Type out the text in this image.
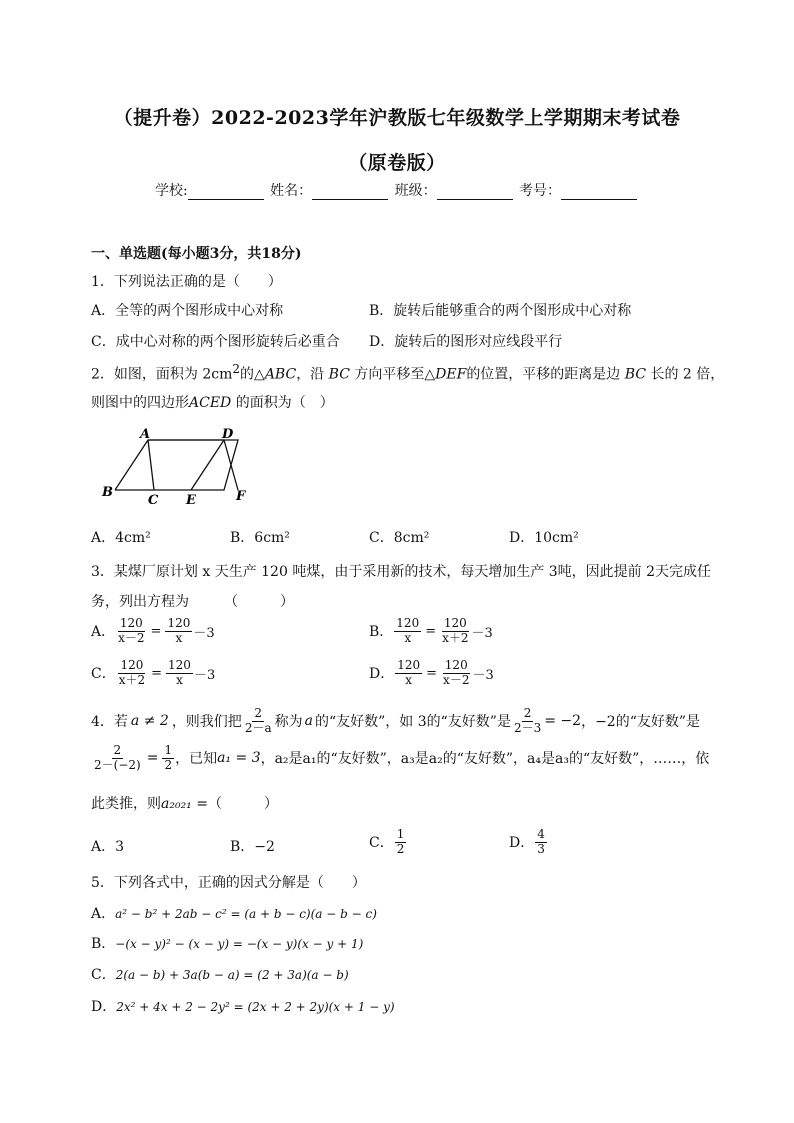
（提升卷）2022-2023学年沪教版七年级数学上学期期末考试卷
（原卷版）
学校:	姓名：	班级：	考号：
一、单选题(每小题3分，共18分)
1．下列说法正确的是（　　）
A．全等的两个图形成中心对称	B．旋转后能够重合的两个图形成中心对称
C．成中心对称的两个图形旋转后必重合 D．旋转后的图形对应线段平行
2．如图，面积为 $2cm^2$的△ABC，沿 BC 方向平移至△DEF的位置，平移的距离是边 BC 长的 2 倍，
则图中的四边形ACED 的面积为（　）
A	D
B
C E	F
A．4cm²	B．6cm²	C．8cm²	D．10cm²
3．某煤厂原计划 x 天生产 120 吨煤，由于采用新的技术，每天增加生产 3吨，因此提前 2天完成任
务，列出方程为　　　（　　　）
A． $\frac{120}{x-2} = \frac{120}{x} -3$	B． $\frac{120}{x} = \frac{120}{x+2} -3$
C． $\frac{120}{x+2} = \frac{120}{x} -3$	D． $\frac{120}{x} = \frac{120}{x-2} -3$
4．若 a ≠ 2 ，则我们把 $\frac{2}{2-a}$ 称为 a 的“友好数”，如 3的“友好数”是 $\frac{2}{2-3} = -2$ ，−2的“友好数”是
$\frac{2}{2-(-2)} = \frac{1}{2}$ ，已知 a₁ = 3 ，a₂是a₁的“友好数”，a₃是a₂的“友好数”，a₄是a₃的“友好数”，……，依
此类推，则a₂₀₂₁ =（　　　）
A．3	B．−2	C． $\frac{1}{2}$	D． $\frac{4}{3}$
5．下列各式中，正确的因式分解是（　　）
A．a² − b² + 2ab − c² = (a + b − c)(a − b − c)
B．−(x − y)² − (x − y) = −(x − y)(x − y + 1)
C．2(a − b) + 3a(b − a) = (2 + 3a)(a − b)
D．2x² + 4x + 2 − 2y² = (2x + 2 + 2y)(x + 1 − y)
